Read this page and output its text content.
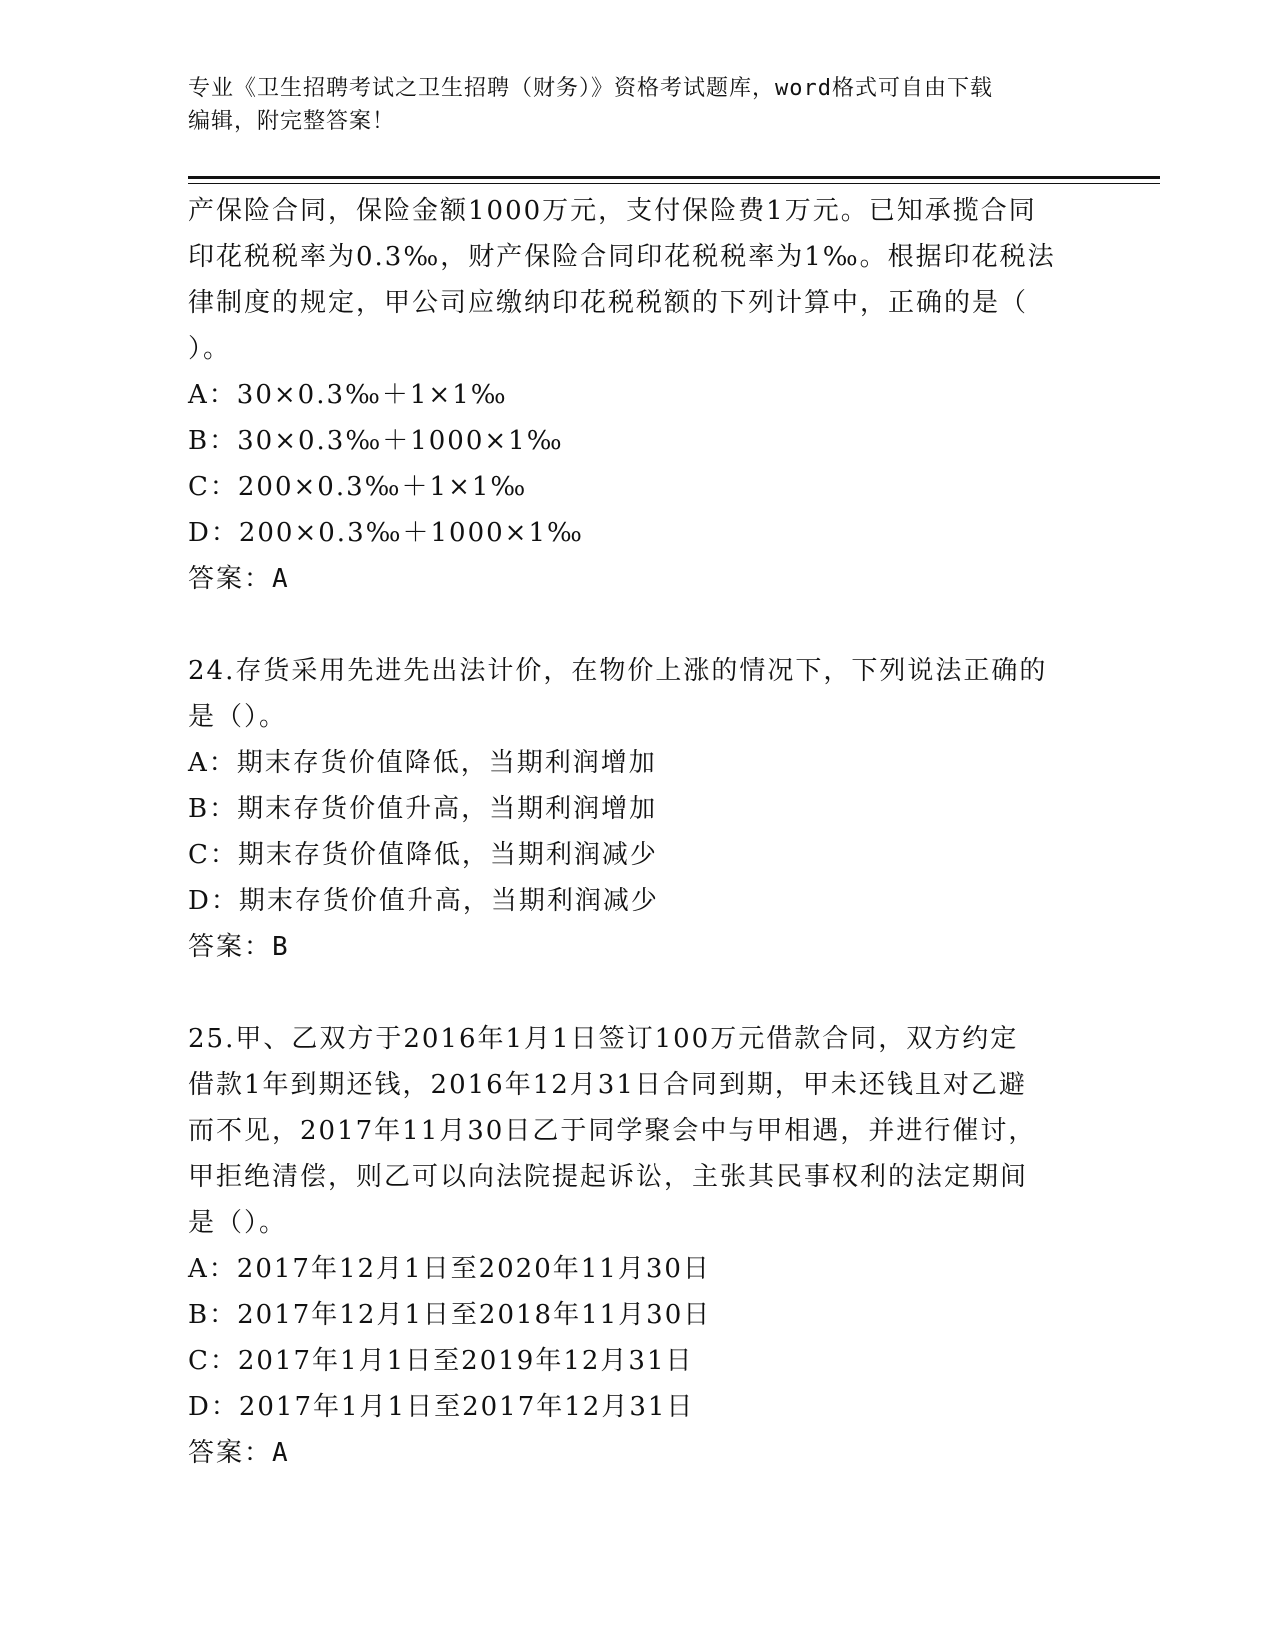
专业《卫生招聘考试之卫生招聘（财务）》资格考试题库，word格式可自由下载
编辑，附完整答案！
产保险合同，保险金额1000万元，支付保险费1万元。已知承揽合同
印花税税率为0.3‰，财产保险合同印花税税率为1‰。根据印花税法
律制度的规定，甲公司应缴纳印花税税额的下列计算中，正确的是（
）。
A：30×0.3‰＋1×1‰
B：30×0.3‰＋1000×1‰
C：200×0.3‰＋1×1‰
D：200×0.3‰＋1000×1‰
答案：A
24.存货采用先进先出法计价，在物价上涨的情况下，下列说法正确的
是（）。
A：期末存货价值降低，当期利润增加
B：期末存货价值升高，当期利润增加
C：期末存货价值降低，当期利润减少
D：期末存货价值升高，当期利润减少
答案：B
25.甲、乙双方于2016年1月1日签订100万元借款合同，双方约定
借款1年到期还钱，2016年12月31日合同到期，甲未还钱且对乙避
而不见，2017年11月30日乙于同学聚会中与甲相遇，并进行催讨，
甲拒绝清偿，则乙可以向法院提起诉讼，主张其民事权利的法定期间
是（）。
A：2017年12月1日至2020年11月30日
B：2017年12月1日至2018年11月30日
C：2017年1月1日至2019年12月31日
D：2017年1月1日至2017年12月31日
答案：A
